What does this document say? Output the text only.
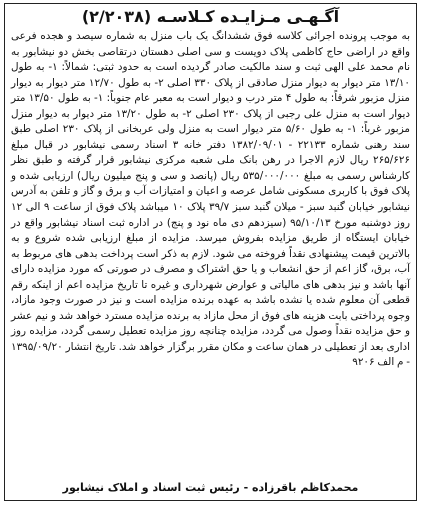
آگـهـی مـزایـده کـلاسـه (۲/۲۰۳۸)

به موجب پرونده اجرائی کلاسه فوق ششدانگ یک باب منزل به شماره سیصد و هجده فرعی واقع در اراضی حاج کاظمی پلاک دویست و سی اصلی دهستان درتقاصی بخش دو نیشابور به نام محمد علی الهی ثبت و سند مالکیت صادر گردیده است به حدود ثبتی: شمالاً: ۱- به طول ۱۳/۱۰ متر دیوار به دیوار منزل صادقی از پلاک ۳۳۰ اصلی ۲- به طول ۱۲/۷۰ متر دیوار به دیوار منزل مزبور شرقاً: به طول ۴ متر درب و دیوار است به معبر عام جنوباً: ۱- به طول ۱۳/۵۰ متر دیوار است به منزل علی رجبی از پلاک ۲۳۰ اصلی ۲- به طول ۱۳/۲۰ متر دیوار به دیوار منزل مزبور غرباً: ۱- به طول ۵/۶۰ متر دیوار است به منزل ولی عربخانی از پلاک ۲۳۰ اصلی طبق سند رهنی شماره ۲۲۱۳۳ - ۱۳۸۲/۰۹/۰۱ دفتر خانه ۳ اسناد رسمی نیشابور در قبال مبلغ ۲۶۵/۶۲۶ ریال لازم الاجرا در رهن بانک ملی شعبه مرکزی نیشابور قرار گرفته و طبق نظر کارشناس رسمی به مبلغ ۵۳۵/۰۰۰/۰۰۰ ریال (پانصد و سی و پنج میلیون ریال) ارزیابی شده و پلاک فوق با کاربری مسکونی شامل عرصه و اعیان و امتیازات آب و برق و گاز و تلفن به آدرس نیشابور خیابان گنبد سبز - میلان گنبد سبز ۳۹/۷ پلاک ۱۰ میباشد پلاک فوق از ساعت ۹ الی ۱۲ روز دوشنبه مورخ ۹۵/۱۰/۱۳ (سیزدهم دی ماه نود و پنج) در اداره ثبت اسناد نیشابور واقع در خیابان ایستگاه از طریق مزایده بفروش میرسد. مزایده از مبلغ ارزیابی شده شروع و به بالاترین قیمت پیشنهادی نقداً فروخته می شود. لازم به ذکر است پرداخت بدهی های مربوط به آب، برق، گاز اعم از حق انشعاب و یا حق اشتراک و مصرف در صورتی که مورد مزایده دارای آنها باشد و نیز بدهی های مالیاتی و عوارض شهرداری و غیره تا تاریخ مزایده اعم از اینکه رقم قطعی آن معلوم شده یا نشده باشد به عهده برنده مزایده است و نیز در صورت وجود مازاد، وجوه پرداختی بابت هزینه های فوق از محل مازاد به برنده مزایده مسترد خواهد شد و نیم عشر و حق مزایده نقداً وصول می گردد، مزایده چنانچه روز مزایده تعطیل رسمی گردد، مزایده روز اداری بعد از تعطیلی در همان ساعت و مکان مقرر برگزار خواهد شد. تاریخ انتشار ۱۳۹۵/۰۹/۲۰ - م الف ۹۲۰۶

محمدکاظم باقرزاده - رئیس ثبت اسناد و املاک نیشابور
